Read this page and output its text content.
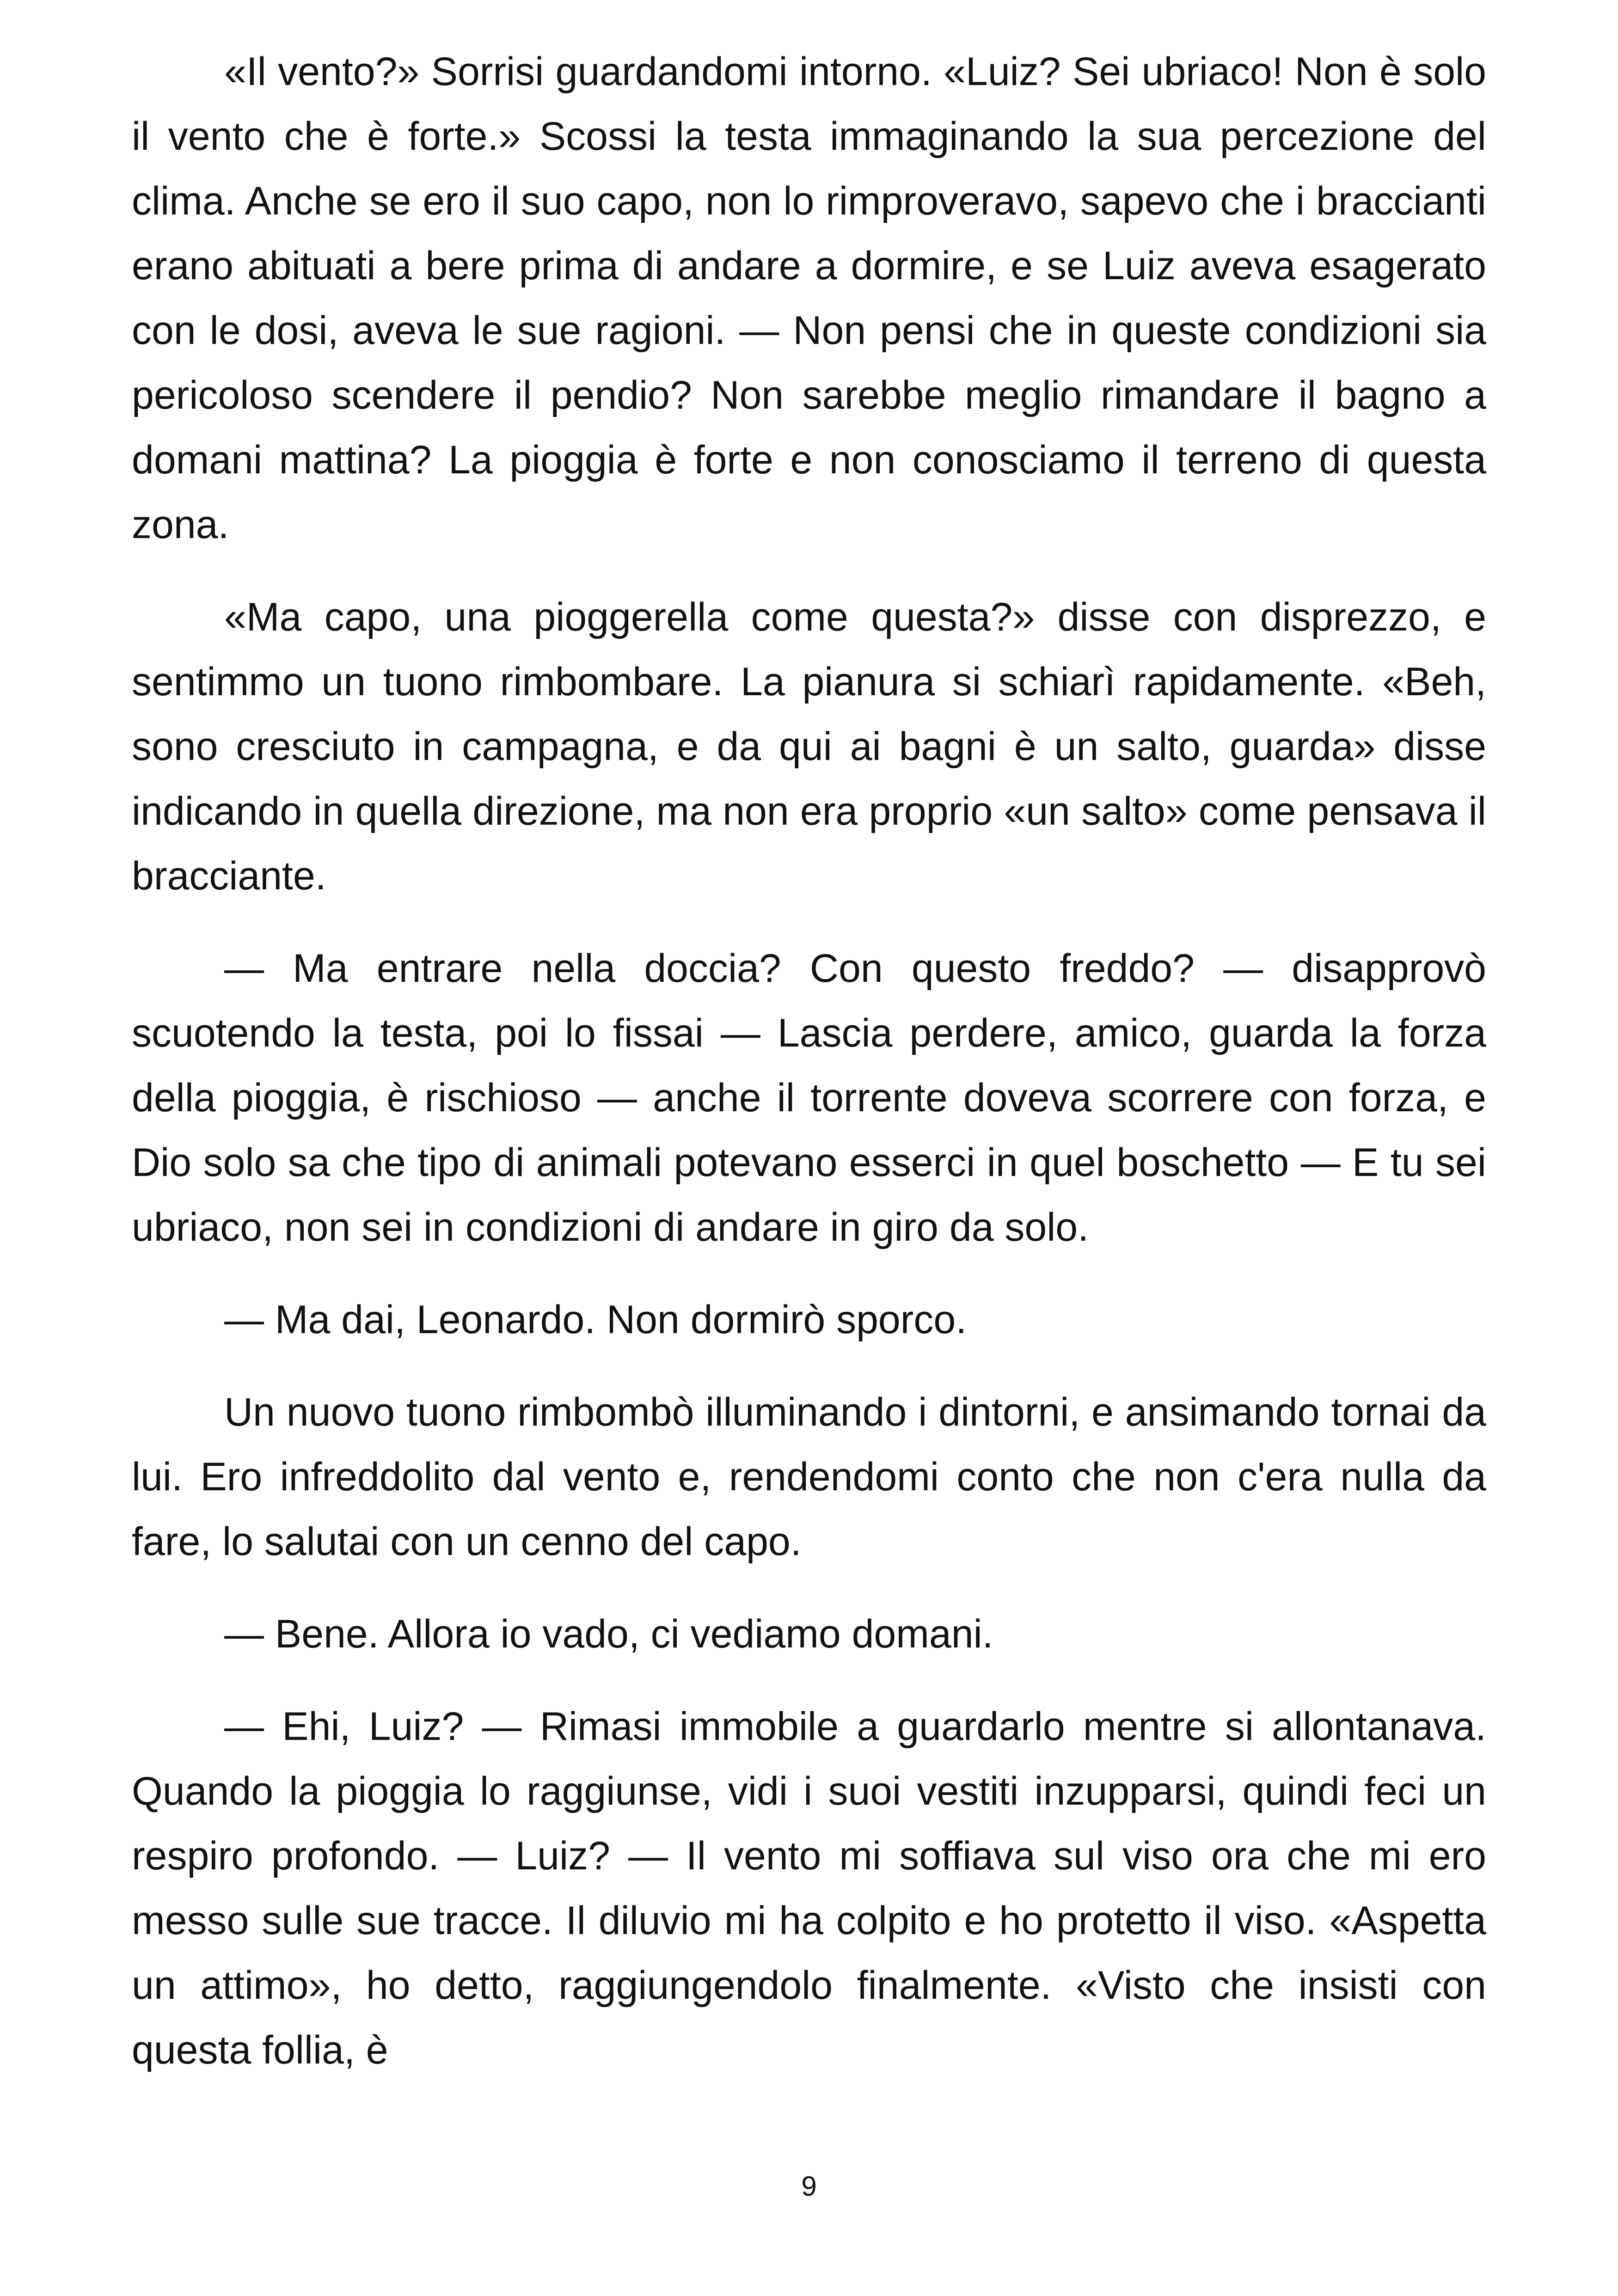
«Il vento?» Sorrisi guardandomi intorno. «Luiz? Sei ubriaco! Non è solo il vento che è forte.» Scossi la testa immaginando la sua percezione del clima. Anche se ero il suo capo, non lo rimproveravo, sapevo che i braccianti erano abituati a bere prima di andare a dormire, e se Luiz aveva esagerato con le dosi, aveva le sue ragioni. — Non pensi che in queste condizioni sia pericoloso scendere il pendio? Non sarebbe meglio rimandare il bagno a domani mattina? La pioggia è forte e non conosciamo il terreno di questa zona.

«Ma capo, una pioggerella come questa?» disse con disprezzo, e sentimmo un tuono rimbombare. La pianura si schiarì rapidamente. «Beh, sono cresciuto in campagna, e da qui ai bagni è un salto, guarda» disse indicando in quella direzione, ma non era proprio «un salto» come pensava il bracciante.

— Ma entrare nella doccia? Con questo freddo? — disapprovò scuotendo la testa, poi lo fissai — Lascia perdere, amico, guarda la forza della pioggia, è rischioso — anche il torrente doveva scorrere con forza, e Dio solo sa che tipo di animali potevano esserci in quel boschetto — E tu sei ubriaco, non sei in condizioni di andare in giro da solo.

— Ma dai, Leonardo. Non dormirò sporco.

Un nuovo tuono rimbombò illuminando i dintorni, e ansimando tornai da lui. Ero infreddolito dal vento e, rendendomi conto che non c'era nulla da fare, lo salutai con un cenno del capo.

— Bene. Allora io vado, ci vediamo domani.

— Ehi, Luiz? — Rimasi immobile a guardarlo mentre si allontanava. Quando la pioggia lo raggiunse, vidi i suoi vestiti inzupparsi, quindi feci un respiro profondo. — Luiz? — Il vento mi soffiava sul viso ora che mi ero messo sulle sue tracce. Il diluvio mi ha colpito e ho protetto il viso. «Aspetta un attimo», ho detto, raggiungendolo finalmente. «Visto che insisti con questa follia, è

9
